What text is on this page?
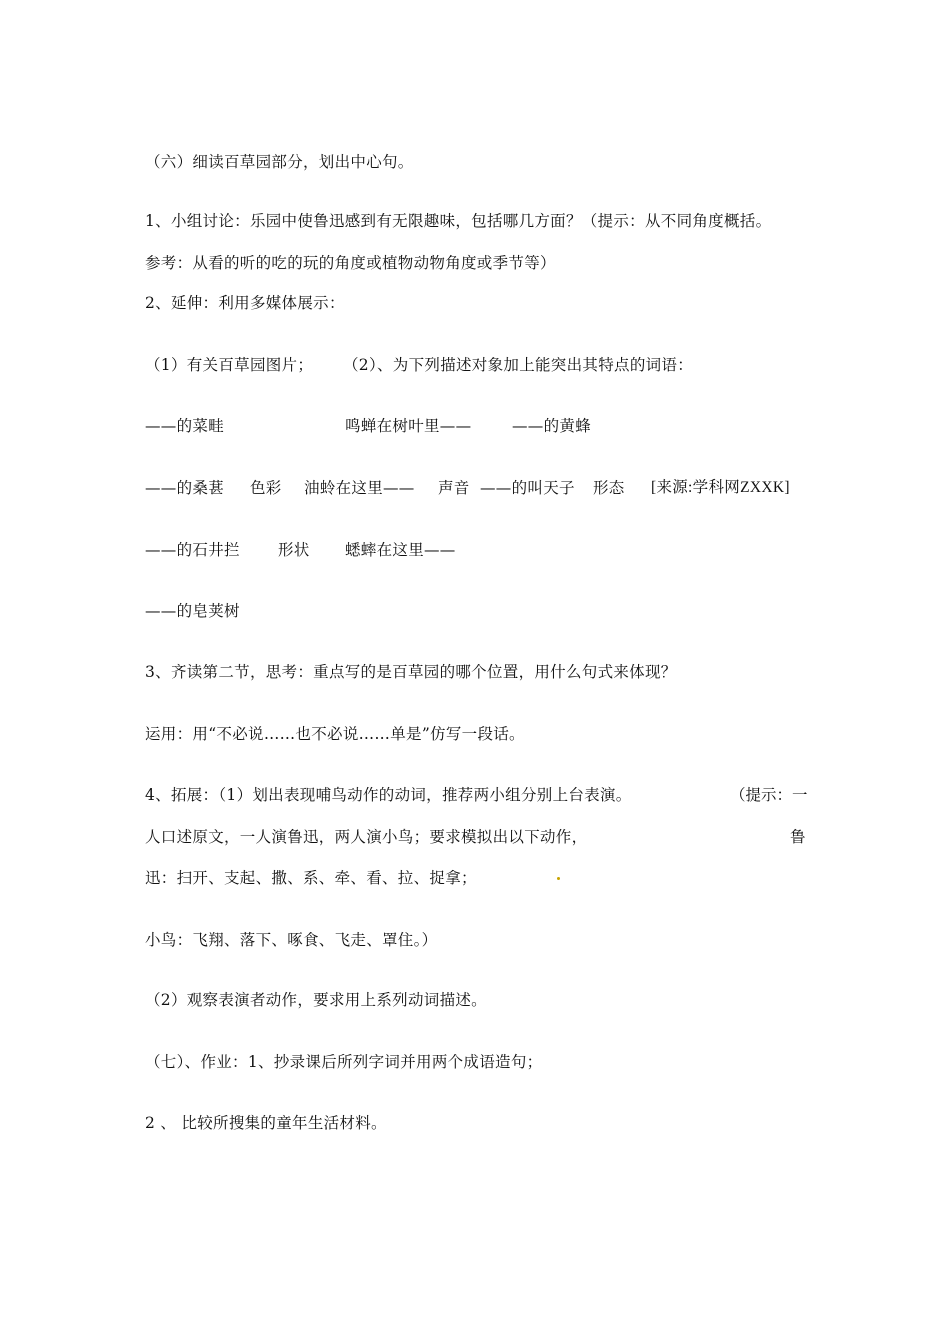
（六）细读百草园部分，划出中心句。
1、小组讨论：乐园中使鲁迅感到有无限趣味，包括哪几方面？（提示：从不同角度概括。
参考：从看的听的吃的玩的角度或植物动物角度或季节等）
2、延伸：利用多媒体展示：
（1）有关百草园图片； （2）、为下列描述对象加上能突出其特点的词语：
——的菜畦	鸣蝉在树叶里——	——的黄蜂
——的桑葚 色彩 油蛉在这里—— 声音 ——的叫天子 形态 [来源:学科网ZXXK]
——的石井拦 形状 蟋蟀在这里——
——的皂荚树
3、齐读第二节，思考：重点写的是百草园的哪个位置，用什么句式来体现？
运用：用“不必说……也不必说……单是”仿写一段话。
4、拓展：（1）划出表现哺鸟动作的动词，推荐两小组分别上台表演。	（提示：一
人口述原文，一人演鲁迅，两人演小鸟；要求模拟出以下动作，	鲁
迅：扫开、支起、撒、系、牵、看、拉、捉拿；
小鸟：飞翔、落下、啄食、飞走、罩住。）
（2）观察表演者动作，要求用上系列动词描述。
（七）、作业：1、抄录课后所列字词并用两个成语造句；
2 、 比较所搜集的童年生活材料。
